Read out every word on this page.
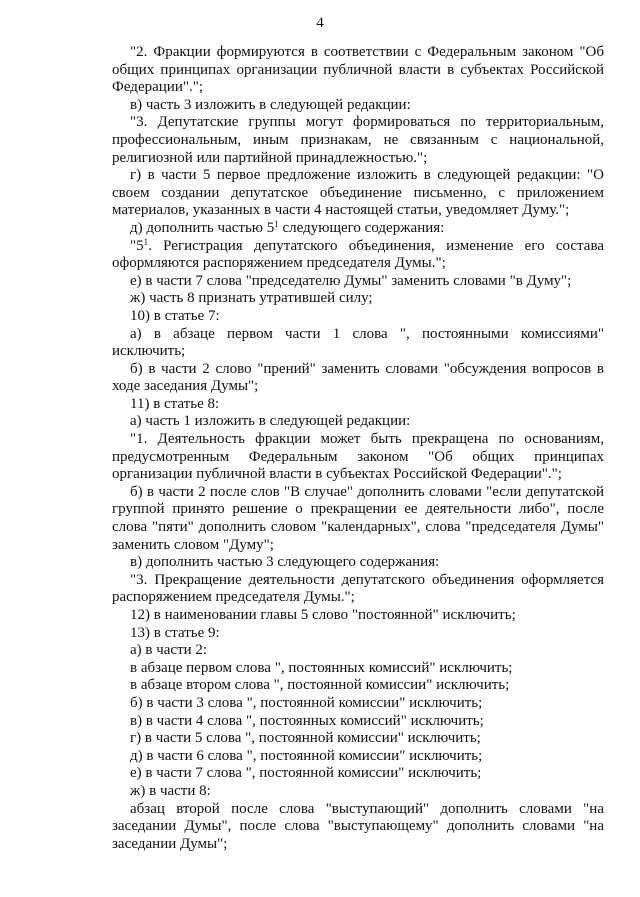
4

"2. Фракции формируются в соответствии с Федеральным законом "Об общих принципах организации публичной власти в субъектах Российской Федерации".";

в) часть 3 изложить в следующей редакции:

"3. Депутатские группы могут формироваться по территориальным, профессиональным, иным признакам, не связанным с национальной, религиозной или партийной принадлежностью.";

г) в части 5 первое предложение изложить в следующей редакции: "О своем создании депутатское объединение письменно, с приложением материалов, указанных в части 4 настоящей статьи, уведомляет Думу.";

д) дополнить частью $5^1$ следующего содержания:

"$5^1$. Регистрация депутатского объединения, изменение его состава оформляются распоряжением председателя Думы.";

е) в части 7 слова "председателю Думы" заменить словами "в Думу";

ж) часть 8 признать утратившей силу;

10) в статье 7:

а) в абзаце первом части 1 слова ", постоянными комиссиями" исключить;

б) в части 2 слово "прений" заменить словами "обсуждения вопросов в ходе заседания Думы";

11) в статье 8:

а) часть 1 изложить в следующей редакции:

"1. Деятельность фракции может быть прекращена по основаниям, предусмотренным Федеральным законом "Об общих принципах организации публичной власти в субъектах Российской Федерации".";

б) в части 2 после слов "В случае" дополнить словами "если депутатской группой принято решение о прекращении ее деятельности либо", после слова "пяти" дополнить словом "календарных", слова "председателя Думы" заменить словом "Думу";

в) дополнить частью 3 следующего содержания:

"3. Прекращение деятельности депутатского объединения оформляется распоряжением председателя Думы.";

12) в наименовании главы 5 слово "постоянной" исключить;

13) в статье 9:

а) в части 2:

в абзаце первом слова ", постоянных комиссий" исключить;

в абзаце втором слова ", постоянной комиссии" исключить;

б) в части 3 слова ", постоянной комиссии" исключить;

в) в части 4 слова ", постоянных комиссий" исключить;

г) в части 5 слова ", постоянной комиссии" исключить;

д) в части 6 слова ", постоянной комиссии" исключить;

е) в части 7 слова ", постоянной комиссии" исключить;

ж) в части 8:

абзац второй после слова "выступающий" дополнить словами "на заседании Думы", после слова "выступающему" дополнить словами "на заседании Думы";
